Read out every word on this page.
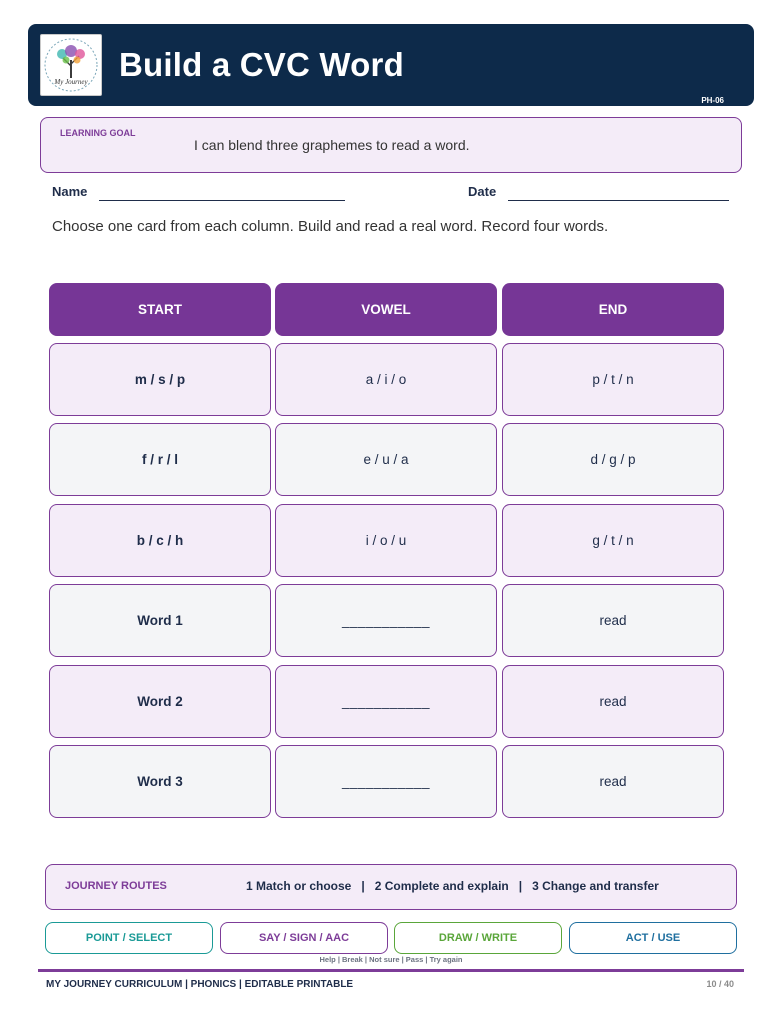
My Journey Build a CVC Word
PH-06
LEARNING GOAL
I can blend three graphemes to read a word.
Name	Date
Choose one card from each column. Build and read a real word. Record four words.
START	VOWEL	END
m / s / p	a / i / o	p / t / n
f / r / l	e / u / a	d / g / p
b / c / h	i / o / u	g / t / n
Word 1	___________	read
Word 2	___________	read
Word 3	___________	read
JOURNEY ROUTES	1 Match or choose   |   2 Complete and explain   |   3 Change and transfer
POINT / SELECT	SAY / SIGN / AAC	DRAW / WRITE	ACT / USE
Help | Break | Not sure | Pass | Try again
MY JOURNEY CURRICULUM | PHONICS | EDITABLE PRINTABLE	10 / 40
